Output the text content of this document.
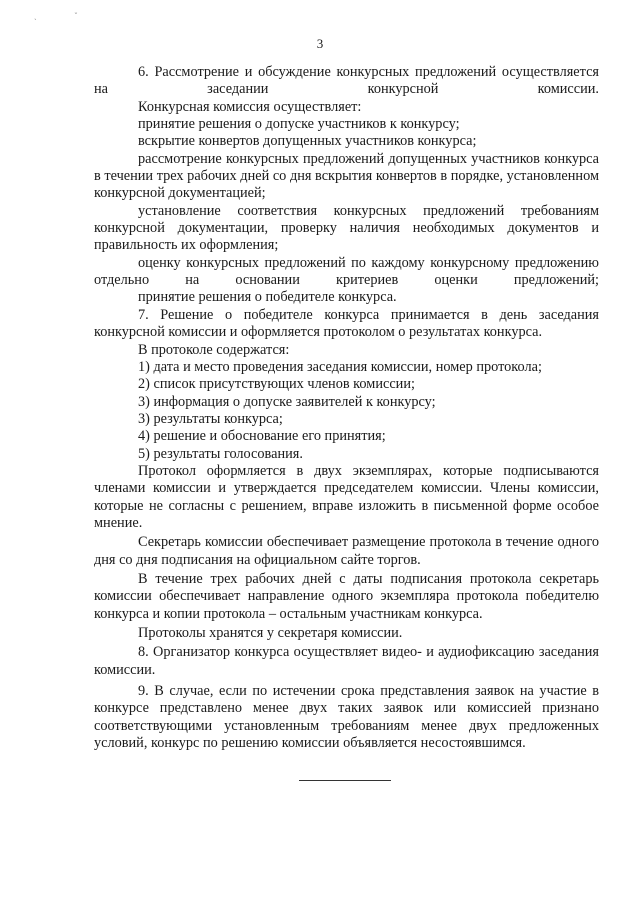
ˎ ˘
3

6. Рассмотрение и обсуждение конкурсных предложений осуществляется на заседании конкурсной комиссии.

Конкурсная комиссия осуществляет:

принятие решения о допуске участников к конкурсу;

вскрытие конвертов допущенных участников конкурса;

рассмотрение конкурсных предложений допущенных участников конкурса в течении трех рабочих дней со дня вскрытия конвертов в порядке, установленном конкурсной документацией;

установление соответствия конкурсных предложений требованиям конкурсной документации, проверку наличия необходимых документов и правильность их оформления;

оценку конкурсных предложений по каждому конкурсному предложению отдельно на основании критериев оценки предложений;

принятие решения о победителе конкурса.

7. Решение о победителе конкурса принимается в день заседания конкурсной комиссии и оформляется протоколом о результатах конкурса.

В протоколе содержатся:

1) дата и место проведения заседания комиссии, номер протокола;

2) список присутствующих членов комиссии;

3) информация о допуске заявителей к конкурсу;

3) результаты конкурса;

4) решение и обоснование его принятия;

5) результаты голосования.

Протокол оформляется в двух экземплярах, которые подписываются членами комиссии и утверждается председателем комиссии. Члены комиссии, которые не согласны с решением, вправе изложить в письменной форме особое мнение.

Секретарь комиссии обеспечивает размещение протокола в течение одного дня со дня подписания на официальном сайте торгов.

В течение трех рабочих дней с даты подписания протокола секретарь комиссии обеспечивает направление одного экземпляра протокола победителю конкурса и копии протокола – остальным участникам конкурса.

Протоколы хранятся у секретаря комиссии.

8. Организатор конкурса осуществляет видео- и аудиофиксацию заседания комиссии.

9. В случае, если по истечении срока представления заявок на участие в конкурсе представлено менее двух таких заявок или комиссией признано соответствующими установленным требованиям менее двух предложенных условий, конкурс по решению комиссии объявляется несостоявшимся.
